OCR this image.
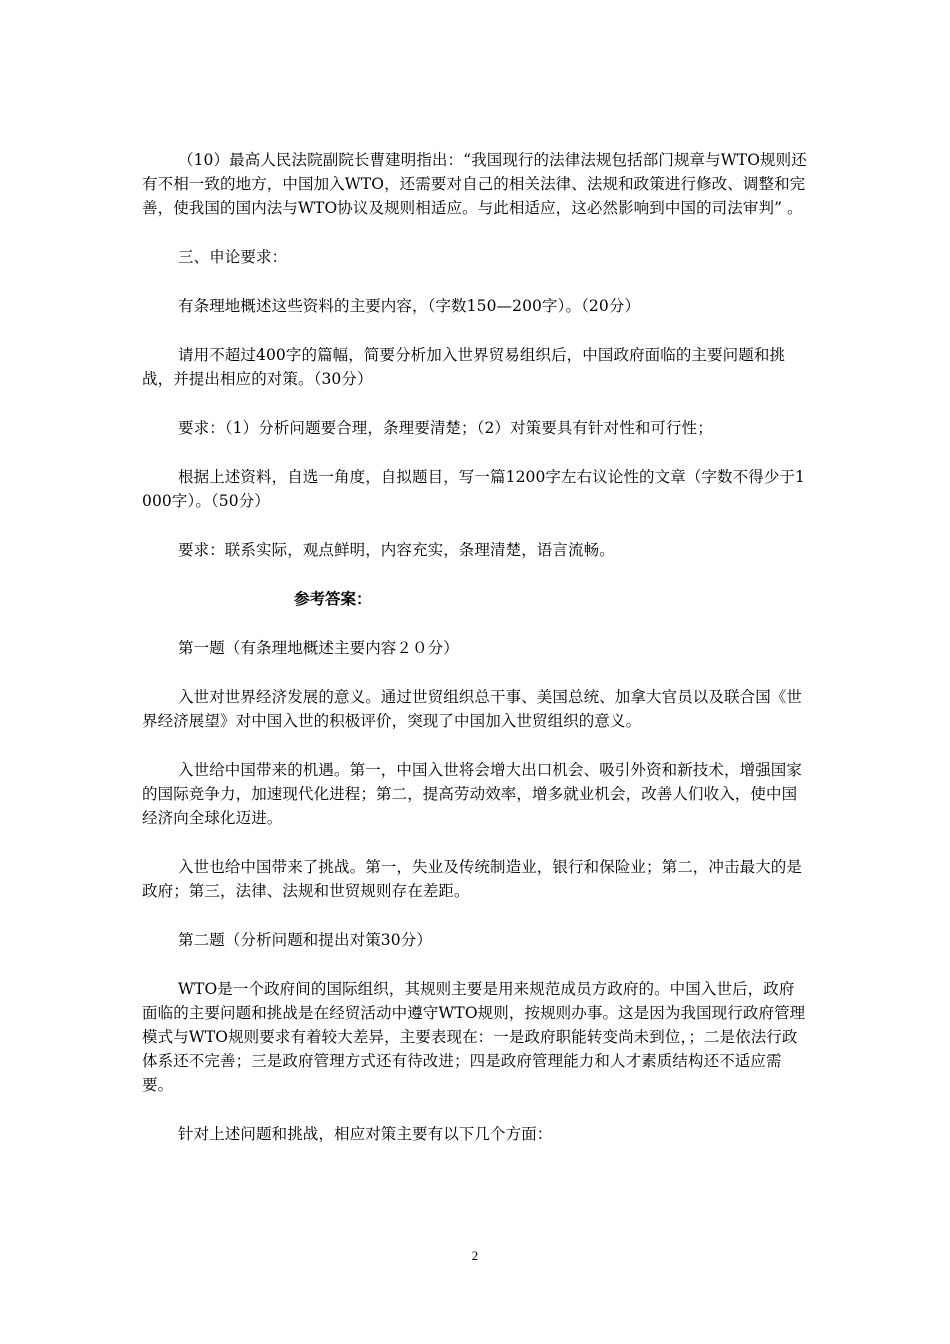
（10）最高人民法院副院长曹建明指出：“我国现行的法律法规包括部门规章与WTO规则还有不相一致的地方，中国加入WTO，还需要对自己的相关法律、法规和政策进行修改、调整和完善，使我国的国内法与WTO协议及规则相适应。与此相适应，这必然影响到中国的司法审判” 。

三、申论要求：

有条理地概述这些资料的主要内容，（字数150—200字）。（20分）

请用不超过400字的篇幅，简要分析加入世界贸易组织后，中国政府面临的主要问题和挑战，并提出相应的对策。（30分）

要求：（1）分析问题要合理，条理要清楚；（2）对策要具有针对性和可行性；

根据上述资料，自选一角度，自拟题目，写一篇1200字左右议论性的文章（字数不得少于1000字）。（50分）

要求：联系实际，观点鲜明，内容充实，条理清楚，语言流畅。

参考答案：

第一题（有条理地概述主要内容２０分）

入世对世界经济发展的意义。通过世贸组织总干事、美国总统、加拿大官员以及联合国《世界经济展望》对中国入世的积极评价，突现了中国加入世贸组织的意义。

入世给中国带来的机遇。第一，中国入世将会增大出口机会、吸引外资和新技术，增强国家的国际竞争力，加速现代化进程；第二，提高劳动效率，增多就业机会，改善人们收入，使中国经济向全球化迈进。

入世也给中国带来了挑战。第一，失业及传统制造业，银行和保险业；第二，冲击最大的是政府；第三，法律、法规和世贸规则存在差距。

第二题（分析问题和提出对策30分）

WTO是一个政府间的国际组织，其规则主要是用来规范成员方政府的。中国入世后，政府面临的主要问题和挑战是在经贸活动中遵守WTO规则，按规则办事。这是因为我国现行政府管理模式与WTO规则要求有着较大差异，主要表现在：一是政府职能转变尚未到位，；二是依法行政体系还不完善；三是政府管理方式还有待改进；四是政府管理能力和人才素质结构还不适应需要。

针对上述问题和挑战，相应对策主要有以下几个方面：

2
